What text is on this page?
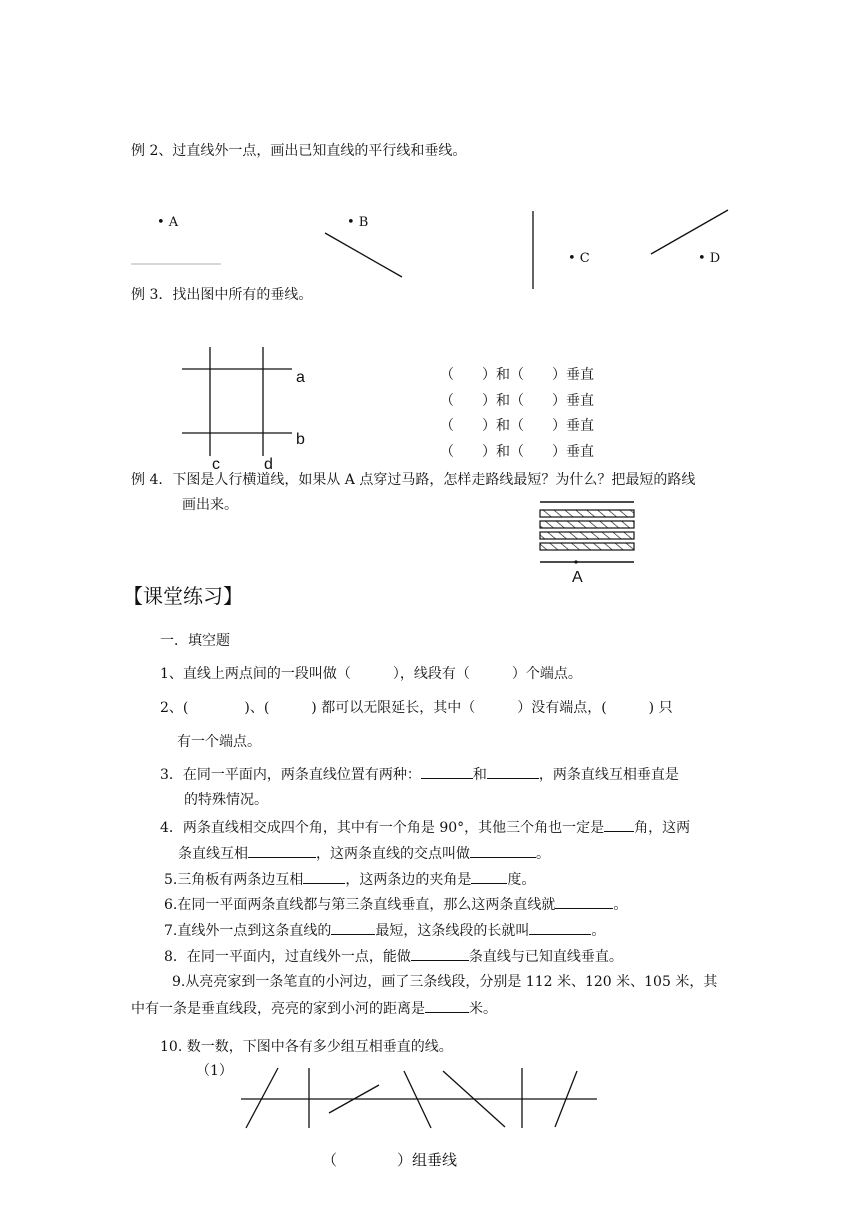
例 2、过直线外一点，画出已知直线的平行线和垂线。
• A	• B
• C	• D
例 3．找出图中所有的垂线。
a
b
c	d
（　　）和（　　）垂直
（　　）和（　　）垂直
（　　）和（　　）垂直
（　　）和（　　）垂直
例 4．下图是人行横道线，如果从 A 点穿过马路，怎样走路线最短？为什么？把最短的路线
画出来。
A
【课堂练习】
一．填空题
1、直线上两点间的一段叫做（　　　），线段有（　　　）个端点。
2、(　　　　)、(　　　) 都可以无限延长，其中（　　　）没有端点，(　　　) 只
有一个端点。
3．在同一平面内，两条直线位置有两种：	和	，两条直线互相垂直是
的特殊情况。
4．两条直线相交成四个角，其中有一个角是 90°，其他三个角也一定是 角，这两
条直线互相	，这两条直线的交点叫做	。
5.三角板有两条边互相	，这两条边的夹角是	度。
6.在同一平面两条直线都与第三条直线垂直，那么这两条直线就	。
7.直线外一点到这条直线的	最短，这条线段的长就叫	。
8．在同一平面内，过直线外一点，能做	条直线与已知直线垂直。
9.从亮亮家到一条笔直的小河边，画了三条线段，分别是 112 米、120 米、105 米，其
中有一条是垂直线段，亮亮的家到小河的距离是	米。
10. 数一数，下图中各有多少组互相垂直的线。
（1）
（　　　　）组垂线
